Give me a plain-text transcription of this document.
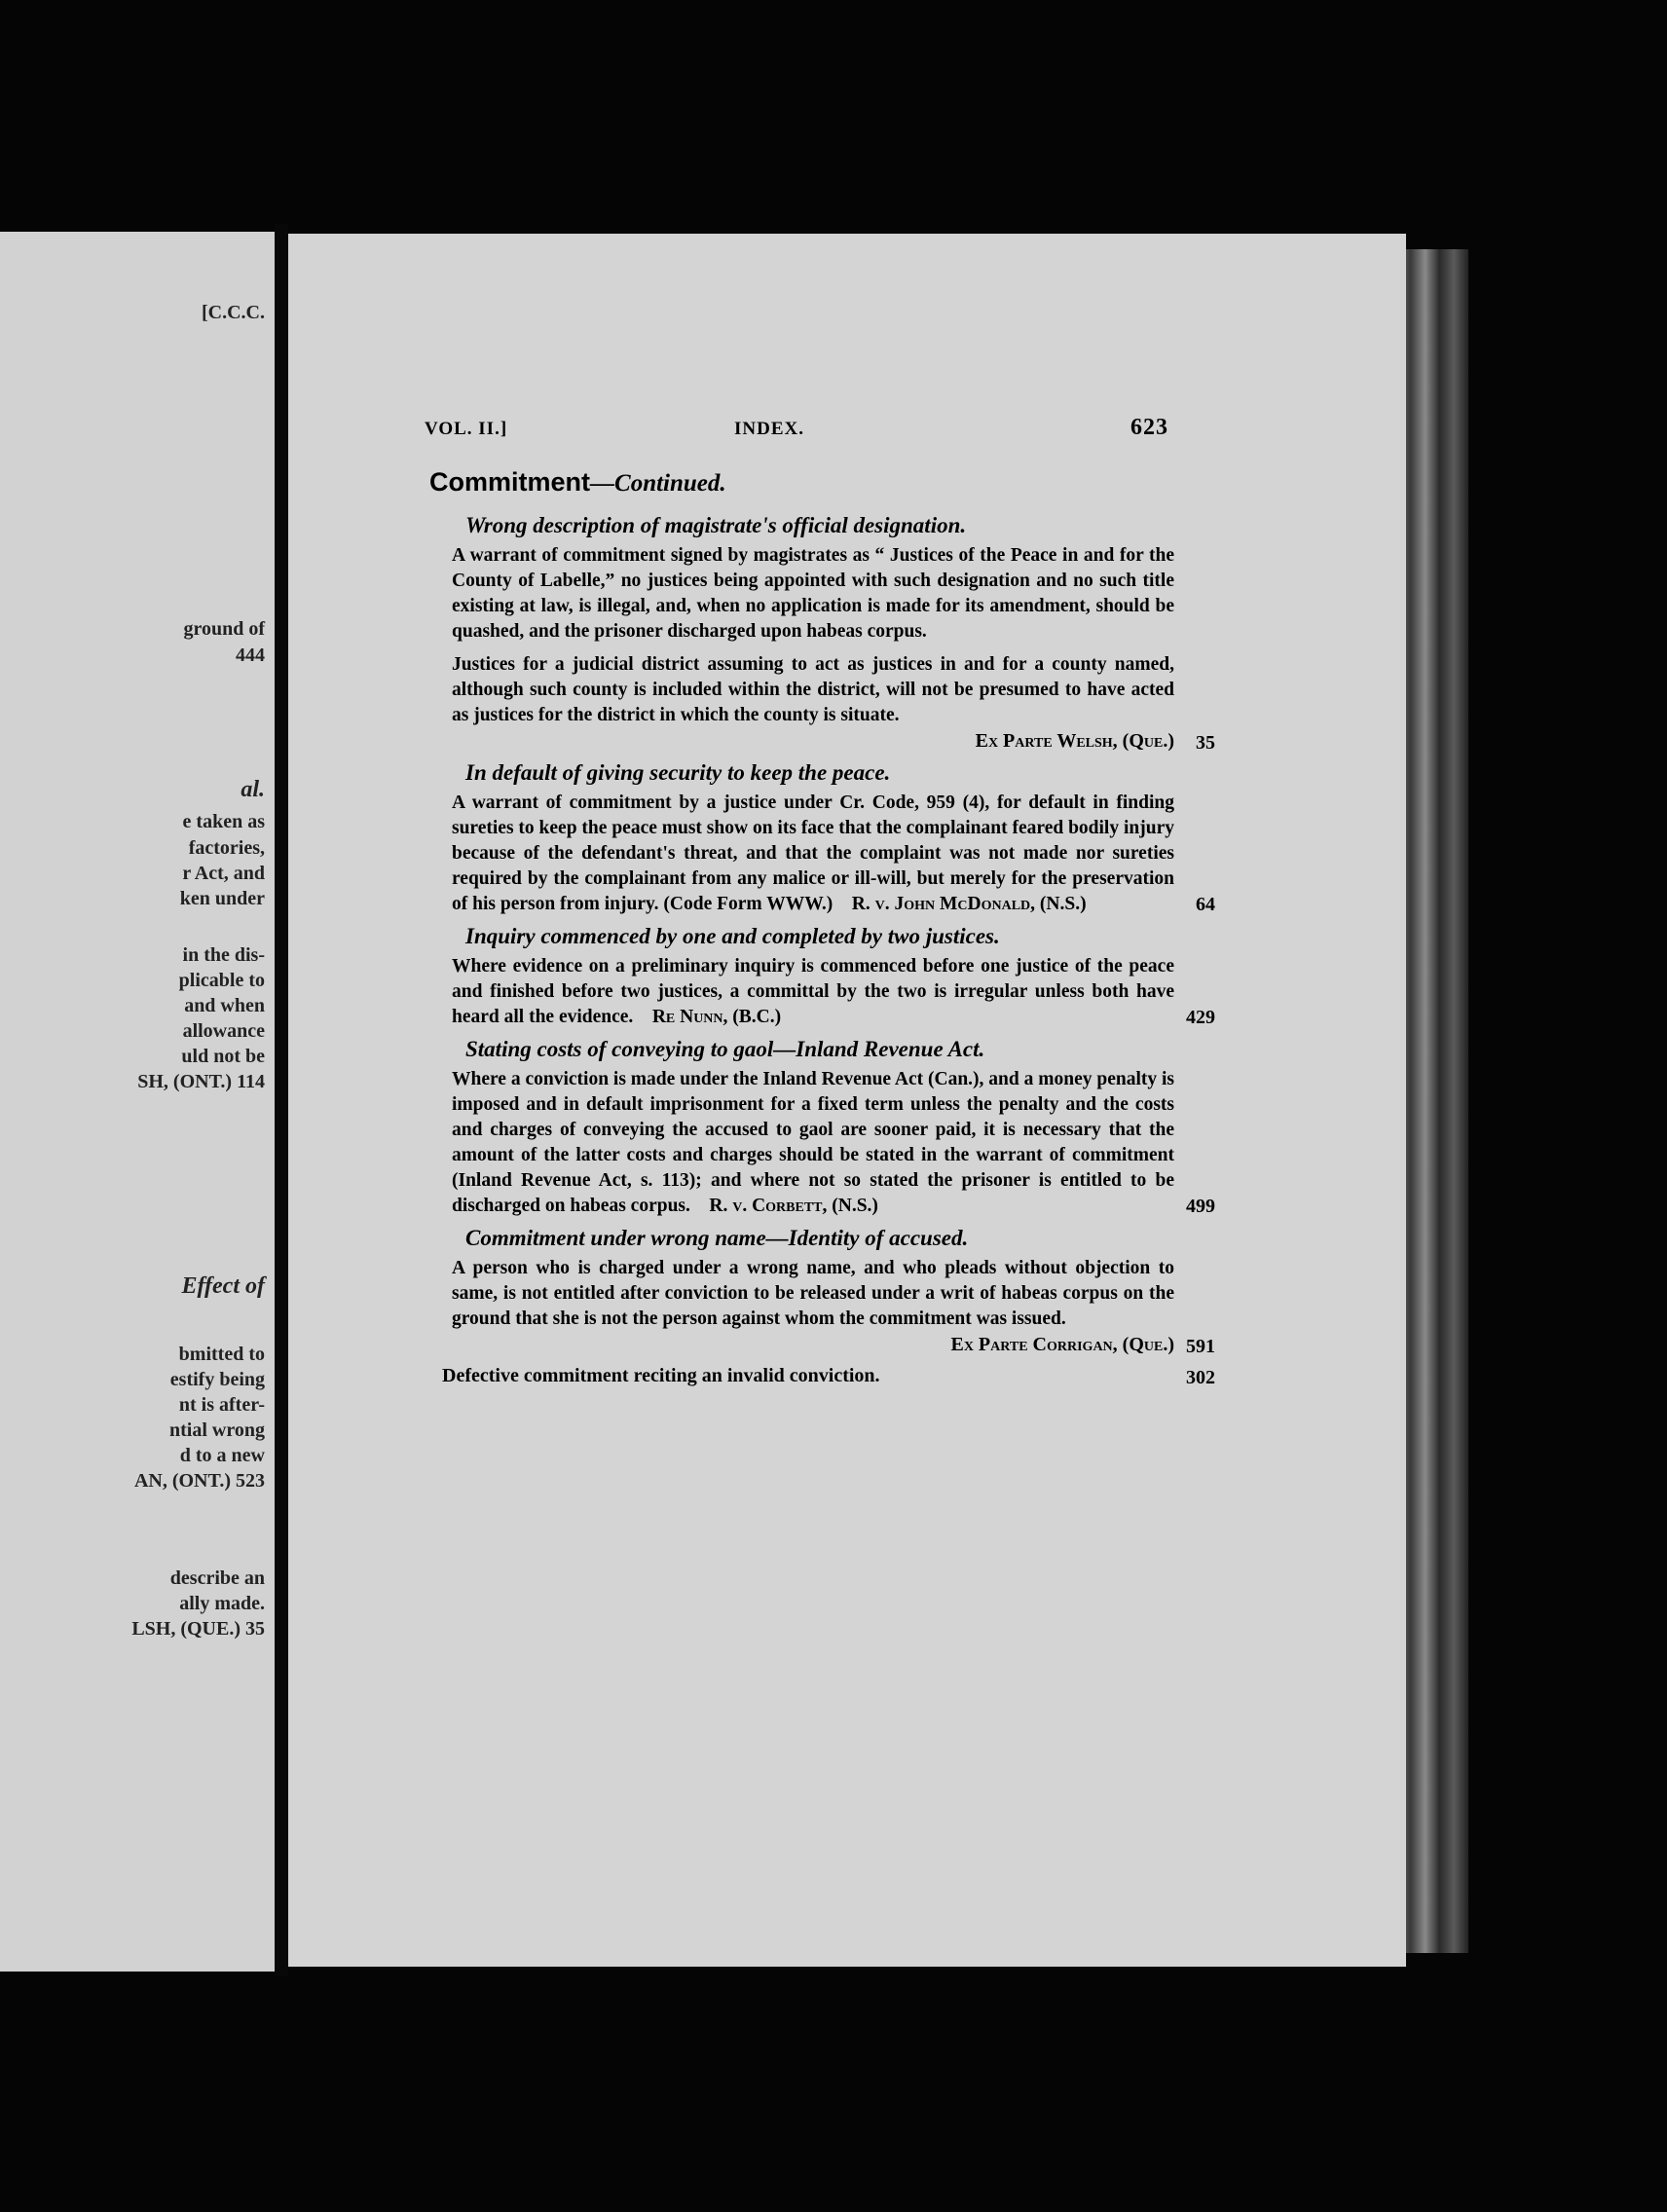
[C.C.C.
ground of
444
al.
e taken as
factories,
r Act, and
ken under
in the dis-
plicable to
and when
allowance
uld not be
SH, (ONT.) 114
Effect of
bmitted to
estify being
nt is after-
ntial wrong
d to a new
AN, (ONT.) 523
describe an
ally made.
LSH, (QUE.) 35
VOL. II.]	INDEX.	623
Commitment—Continued.
Wrong description of magistrate's official designation.

A warrant of commitment signed by magistrates as “ Justices of the Peace in and for the County of Labelle,” no justices being appointed with such designation and no such title existing at law, is illegal, and, when no application is made for its amendment, should be quashed, and the prisoner discharged upon habeas corpus.

Justices for a judicial district assuming to act as justices in and for a county named, although such county is included within the district, will not be presumed to have acted as justices for the district in which the county is situate.

Ex Parte Welsh, (Que.) 35
In default of giving security to keep the peace.

A warrant of commitment by a justice under Cr. Code, 959 (4), for default in finding sureties to keep the peace must show on its face that the complainant feared bodily injury because of the defendant's threat, and that the complaint was not made nor sureties required by the complainant from any malice or ill-will, but merely for the preservation of his person from injury. (Code Form WWW.)  R. v. John McDonald, (N.S.)	64

Inquiry commenced by one and completed by two justices.

Where evidence on a preliminary inquiry is commenced before one justice of the peace and finished before two justices, a committal by the two is irregular unless both have heard all the evidence.  Re Nunn, (B.C.)	429

Stating costs of conveying to gaol—Inland Revenue Act.

Where a conviction is made under the Inland Revenue Act (Can.), and a money penalty is imposed and in default imprisonment for a fixed term unless the penalty and the costs and charges of conveying the accused to gaol are sooner paid, it is necessary that the amount of the latter costs and charges should be stated in the warrant of commitment (Inland Revenue Act, s. 113); and where not so stated the prisoner is entitled to be discharged on habeas corpus.  R. v. Corbett, (N.S.)	499

Commitment under wrong name—Identity of accused.

A person who is charged under a wrong name, and who pleads without objection to same, is not entitled after conviction to be released under a writ of habeas corpus on the ground that she is not the person against whom the commitment was issued.

Ex Parte Corrigan, (Que.) 591
Defective commitment reciting an invalid conviction.	302
